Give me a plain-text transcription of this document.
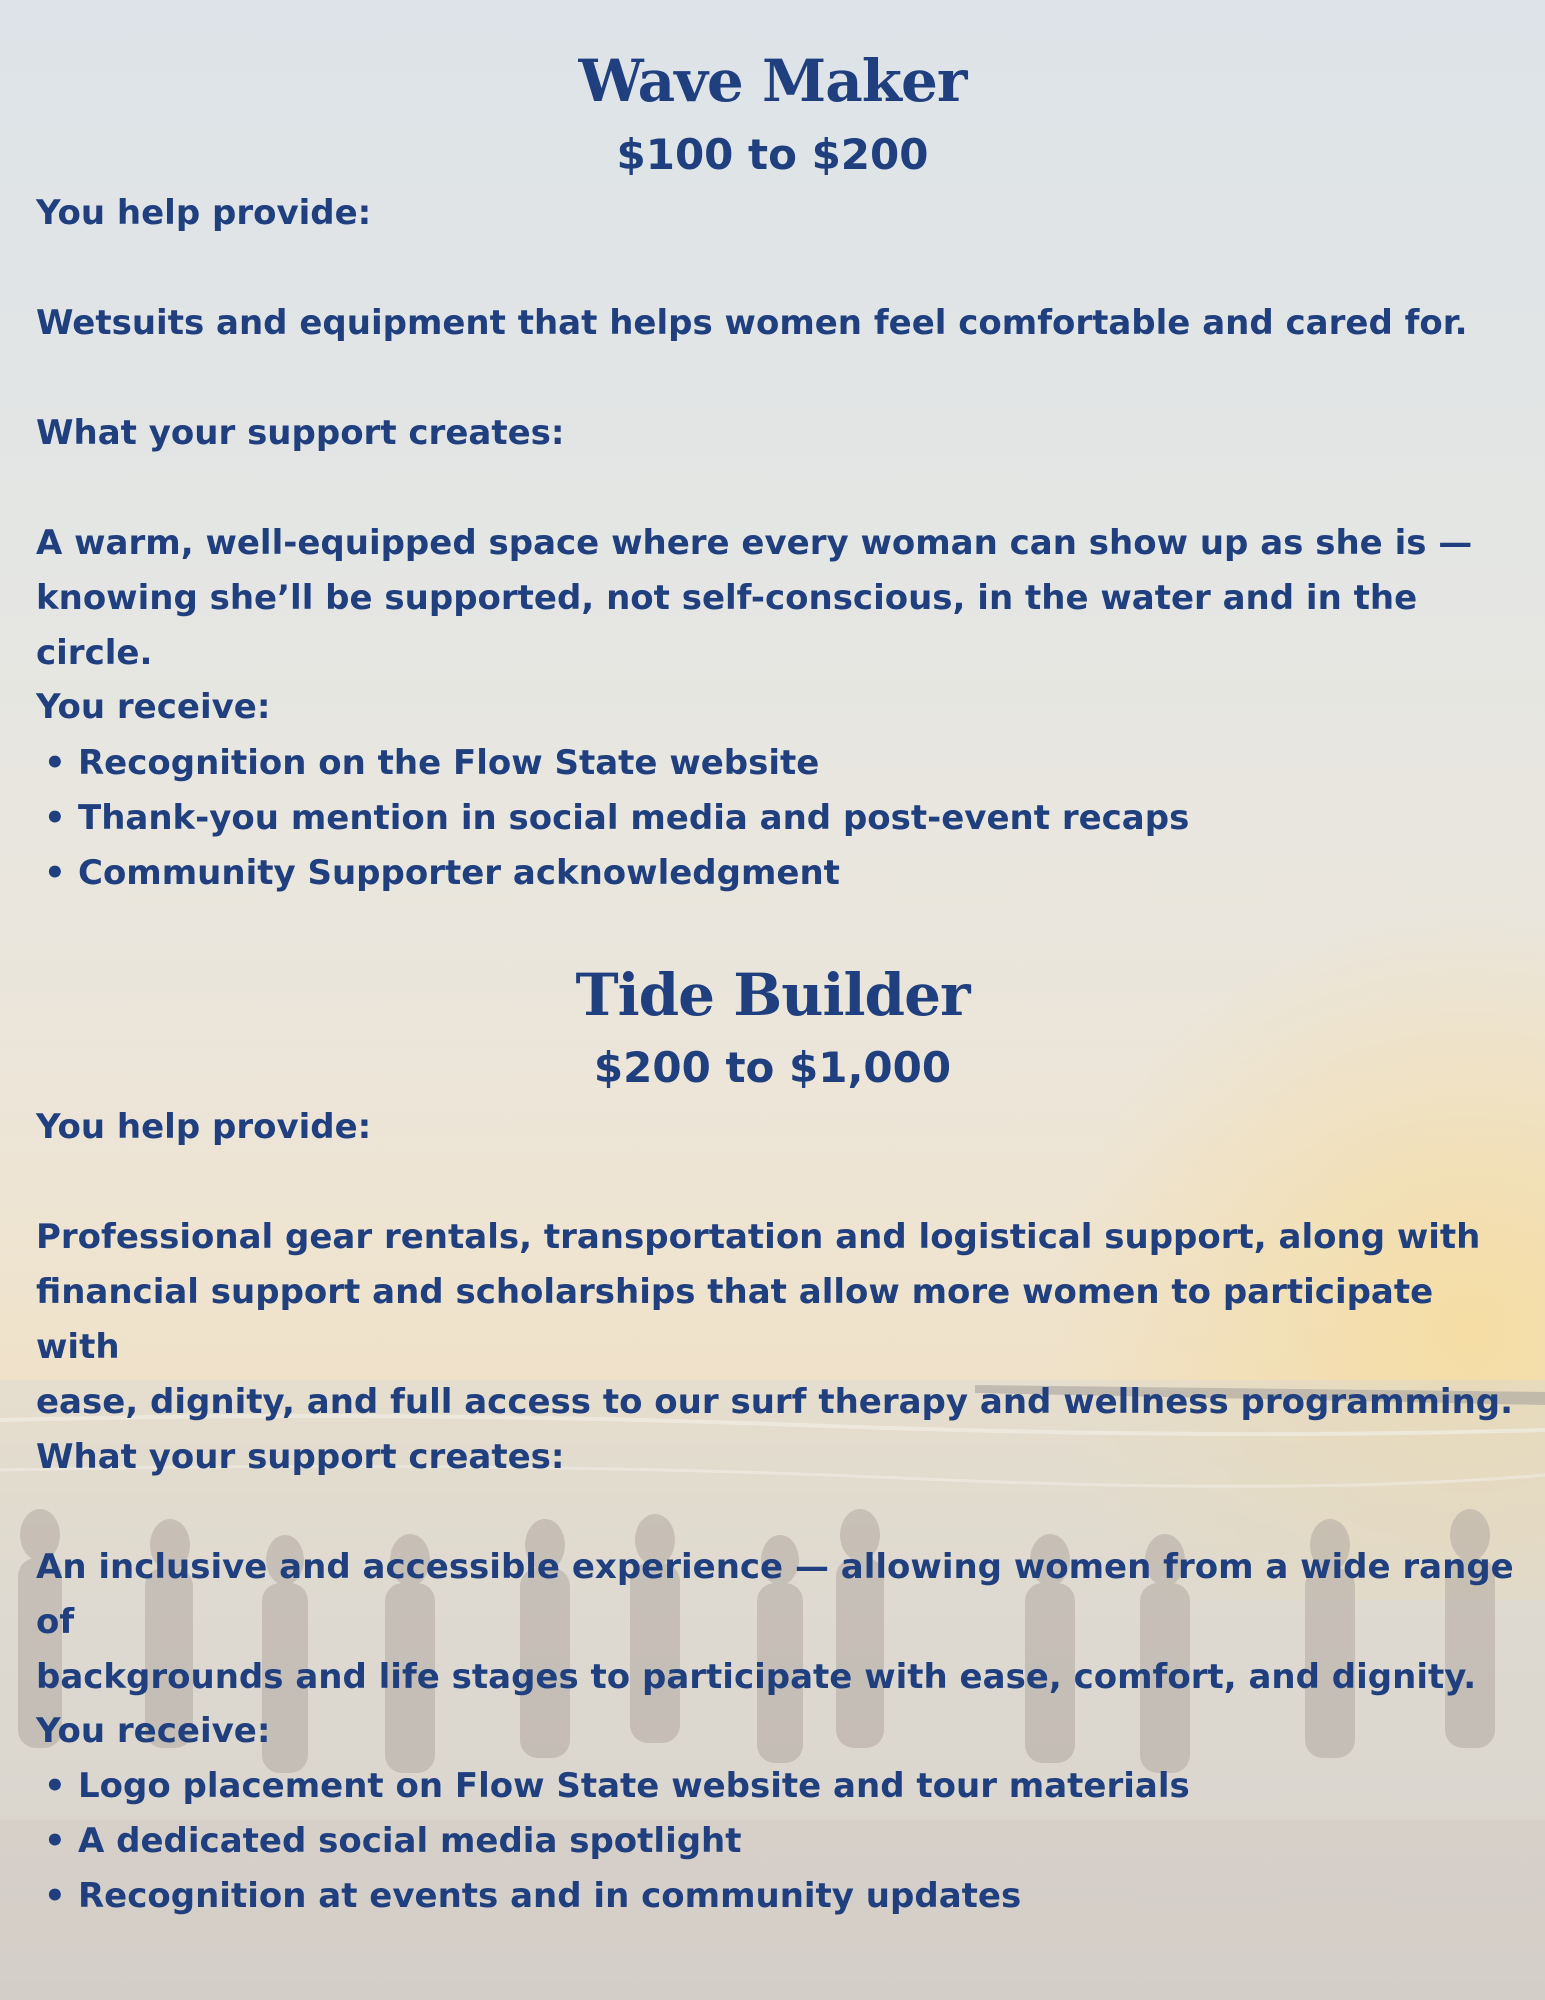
Wave Maker
$100 to $200
You help provide:
Wetsuits and equipment that helps women feel comfortable and cared for.
What your support creates:
A warm, well-equipped space where every woman can show up as she is —
knowing she’ll be supported, not self-conscious, in the water and in the circle.
You receive:
• Recognition on the Flow State website
• Thank-you mention in social media and post-event recaps
• Community Supporter acknowledgment
Tide Builder
$200 to $1,000
You help provide:
Professional gear rentals, transportation and logistical support, along with
financial support and scholarships that allow more women to participate with
ease, dignity, and full access to our surf therapy and wellness programming.
What your support creates:
An inclusive and accessible experience — allowing women from a wide range of
backgrounds and life stages to participate with ease, comfort, and dignity.
You receive:
• Logo placement on Flow State website and tour materials
• A dedicated social media spotlight
• Recognition at events and in community updates
